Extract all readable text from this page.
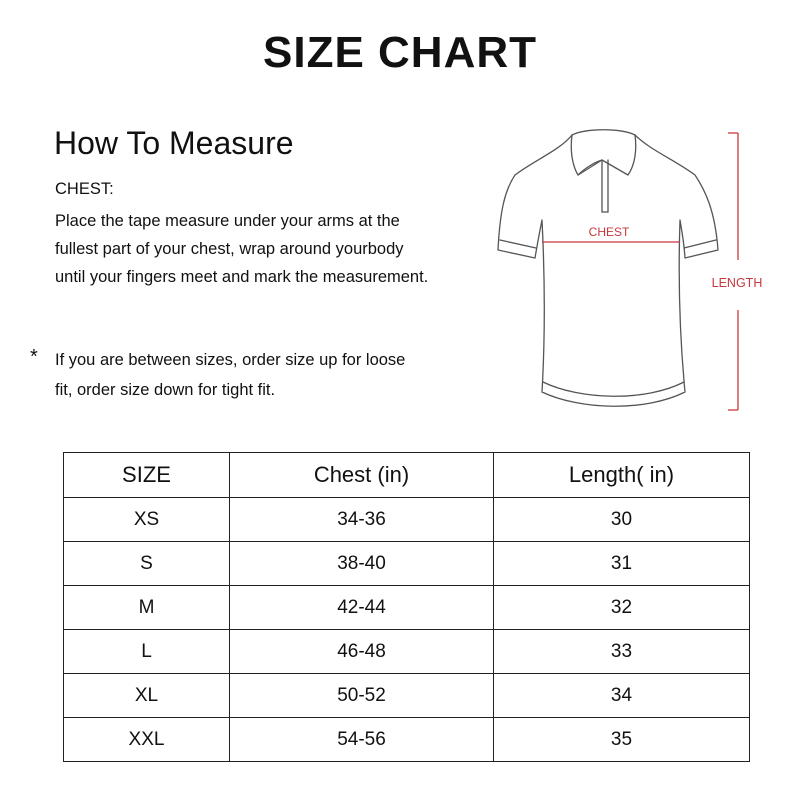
SIZE CHART
How To Measure
CHEST:
Place the tape measure under your arms at the
fullest part of your chest, wrap around yourbody
until your fingers meet and mark the measurement.
* If you are between sizes, order size up for loose
fit, order size down for tight fit.
CHEST
LENGTH
SIZE	Chest (in)	Length( in)
XS	34-36	30
S	38-40	31
M	42-44	32
L	46-48	33
XL	50-52	34
XXL	54-56	35
